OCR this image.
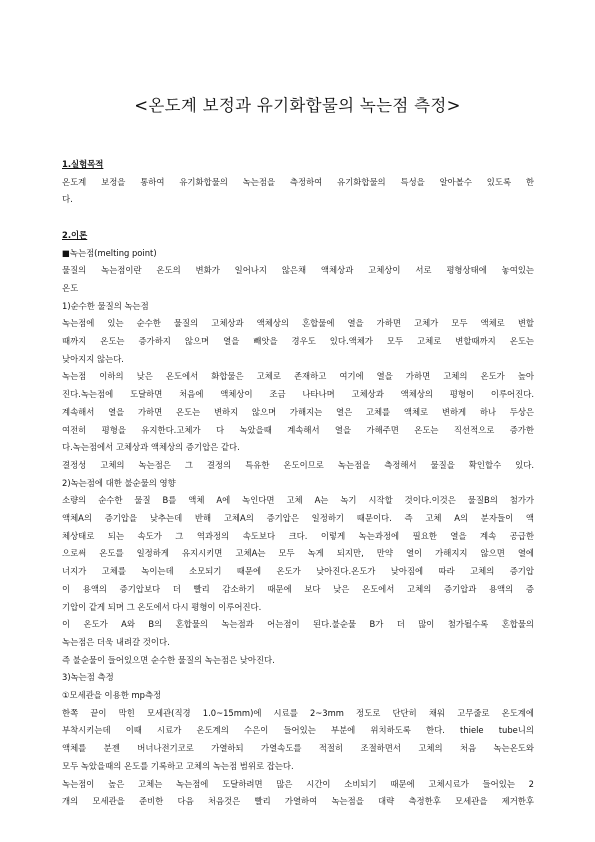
<온도계 보정과 유기화합물의 녹는점 측정>

1.실험목적

온도계 보정을 통하여 유기화합물의 녹는점을 측정하여 유기화합물의 특성을 알아볼수 있도록 한

다.

2.이론

■녹는점(melting point)

물질의 녹는점이란 온도의 변화가 일어나지 않은채 액체상과 고체상이 서로 평형상태에 놓여있는

온도

1)순수한 물질의 녹는점

녹는점에 있는 순수한 물질의 고체상과 액체상의 혼합물에 열을 가하면 고체가 모두 액체로 변할

때까지 온도는 증가하지 않으며 열을 빼앗을 경우도 있다.액체가 모두 고체로 변할때까지 온도는

낮아지지 않는다.

녹는점 이하의 낮은 온도에서 화합물은 고체로 존재하고 여기에 열을 가하면 고체의 온도가 높아

진다.녹는점에 도달하면 처음에 액체상이 조금 나타나며 고체상과 액체상의 평형이 이루어진다.

계속해서 열을 가하면 온도는 변하지 않으며 가해지는 열은 고체를 액체로 변하게 하나 두상은

여전히 평형을 유지한다.고체가 다 녹았을때 계속해서 열을 가해주면 온도는 직선적으로 증가한

다.녹는점에서 고체상과 액체상의 증기압은 같다.

결정성 고체의 녹는점은 그 결정의 특유한 온도이므로 녹는점을 측정해서 물질을 확인할수 있다.

2)녹는점에 대한 불순물의 영향

소량의 순수한 물질 B를 액체 A에 녹인다면 고체 A는 녹기 시작할 것이다.이것은 물질B의 첨가가

액체A의 증기압을 낮추는데 반해 고체A의 증기압은 일정하기 때문이다. 즉 고체 A의 분자들이 액

체상태로 되는 속도가 그 역과정의 속도보다 크다. 이렇게 녹는과정에 필요한 열을 계속 공급한

으로써 온도를 일정하게 유지시키면 고체A는 모두 녹게 되지만, 만약 열이 가해지지 않으면 열에

너지가 고체를 녹이는데 소모되기 때문에 온도가 낮아진다.온도가 낮아짐에 따라 고체의 증기압

이 용액의 증기압보다 더 빨리 감소하기 때문에 보다 낮은 온도에서 고체의 증기압과 용액의 증

기압이 같게 되며 그 온도에서 다시 평형이 이루어진다.

이 온도가 A와 B의 혼합물의 녹는점과 어는점이 된다.불순물 B가 더 많이 첨가될수록 혼합물의

녹는점은 더욱 내려갈 것이다.

즉 불순물이 들어있으면 순수한 물질의 녹는점은 낮아진다.

3)녹는점 측정

①모세관을 이용한 mp측정

한쪽 끝이 막힌 모세관(직경 1.0~15mm)에 시료를 2~3mm 정도로 단단히 채워 고무줄로 온도계에

부착시키는데 이때 시료가 온도계의 수은이 들어있는 부분에 위치하도록 한다. thiele tube니의

액체를 분젠 버너나전기코로 가열하되 가열속도를 적절히 조절하면서 고체의 처음 녹는온도와

모두 녹았을때의 온도를 기록하고 고체의 녹는점 범위로 잡는다.

녹는점이 높은 고체는 녹는점에 도달하려면 많은 시간이 소비되기 때문에 고체시료가 들어있는 2

개의 모세관을 준비한 다음 처음것은 빨리 가열하여 녹는점을 대략 측정한후 모세관을 제거한후
